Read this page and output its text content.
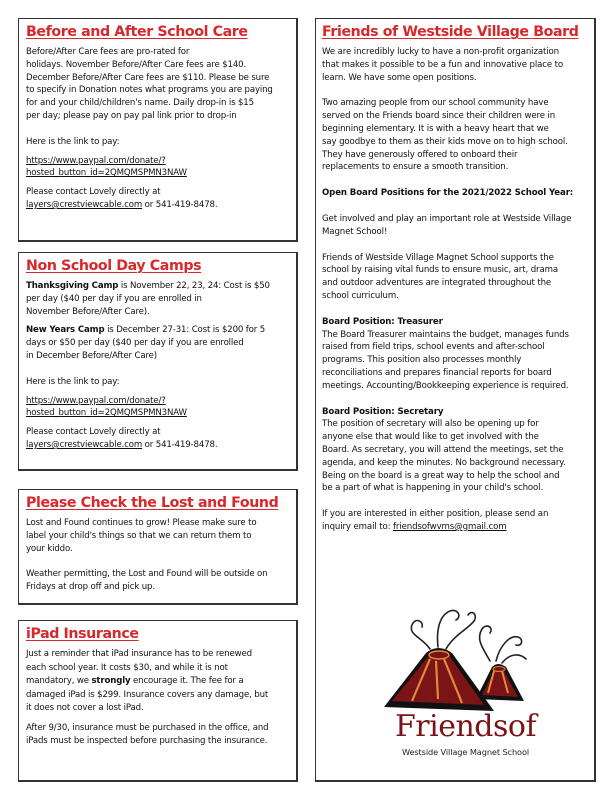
Before and After School Care

Before/After Care fees are pro-rated for
holidays. November Before/After Care fees are $140.
December Before/After Care fees are $110. Please be sure
to specify in Donation notes what programs you are paying
for and your child/children's name. Daily drop-in is $15
per day; please pay on pay pal link prior to drop-in

Here is the link to pay:

https://www.paypal.com/donate/?
hosted_button_id=2QMQMSPMN3NAW

Please contact Lovely directly at
layers@crestviewcable.com or 541-419-8478.

Non School Day Camps

Thanksgiving Camp is November 22, 23, 24: Cost is $50
per day ($40 per day if you are enrolled in
November Before/After Care).

New Years Camp is December 27-31: Cost is $200 for 5
days or $50 per day ($40 per day if you are enrolled
in December Before/After Care)

Here is the link to pay:

https://www.paypal.com/donate/?
hosted_button_id=2QMQMSPMN3NAW

Please contact Lovely directly at
layers@crestviewcable.com or 541-419-8478.

Please Check the Lost and Found

Lost and Found continues to grow! Please make sure to
label your child's things so that we can return them to
your kiddo.

Weather permitting, the Lost and Found will be outside on
Fridays at drop off and pick up.

iPad Insurance

Just a reminder that iPad insurance has to be renewed
each school year. It costs $30, and while it is not
mandatory, we strongly encourage it. The fee for a
damaged iPad is $299. Insurance covers any damage, but
it does not cover a lost iPad.

After 9/30, insurance must be purchased in the office, and
iPads must be inspected before purchasing the insurance.

Friends of Westside Village Board

We are incredibly lucky to have a non-profit organization
that makes it possible to be a fun and innovative place to
learn. We have some open positions.

Two amazing people from our school community have
served on the Friends board since their children were in
beginning elementary. It is with a heavy heart that we
say goodbye to them as their kids move on to high school.
They have generously offered to onboard their
replacements to ensure a smooth transition.

Open Board Positions for the 2021/2022 School Year:

Get involved and play an important role at Westside Village
Magnet School!

Friends of Westside Village Magnet School supports the
school by raising vital funds to ensure music, art, drama
and outdoor adventures are integrated throughout the
school curriculum.

Board Position: Treasurer
The Board Treasurer maintains the budget, manages funds
raised from field trips, school events and after-school
programs. This position also processes monthly
reconciliations and prepares financial reports for board
meetings. Accounting/Bookkeeping experience is required.

Board Position: Secretary
The position of secretary will also be opening up for
anyone else that would like to get involved with the
Board. As secretary, you will attend the meetings, set the
agenda, and keep the minutes. No background necessary.
Being on the board is a great way to help the school and
be a part of what is happening in your child's school.

If you are interested in either position, please send an
inquiry email to: friendsofwvms@gmail.com

Friendsof
Westside Village Magnet School
